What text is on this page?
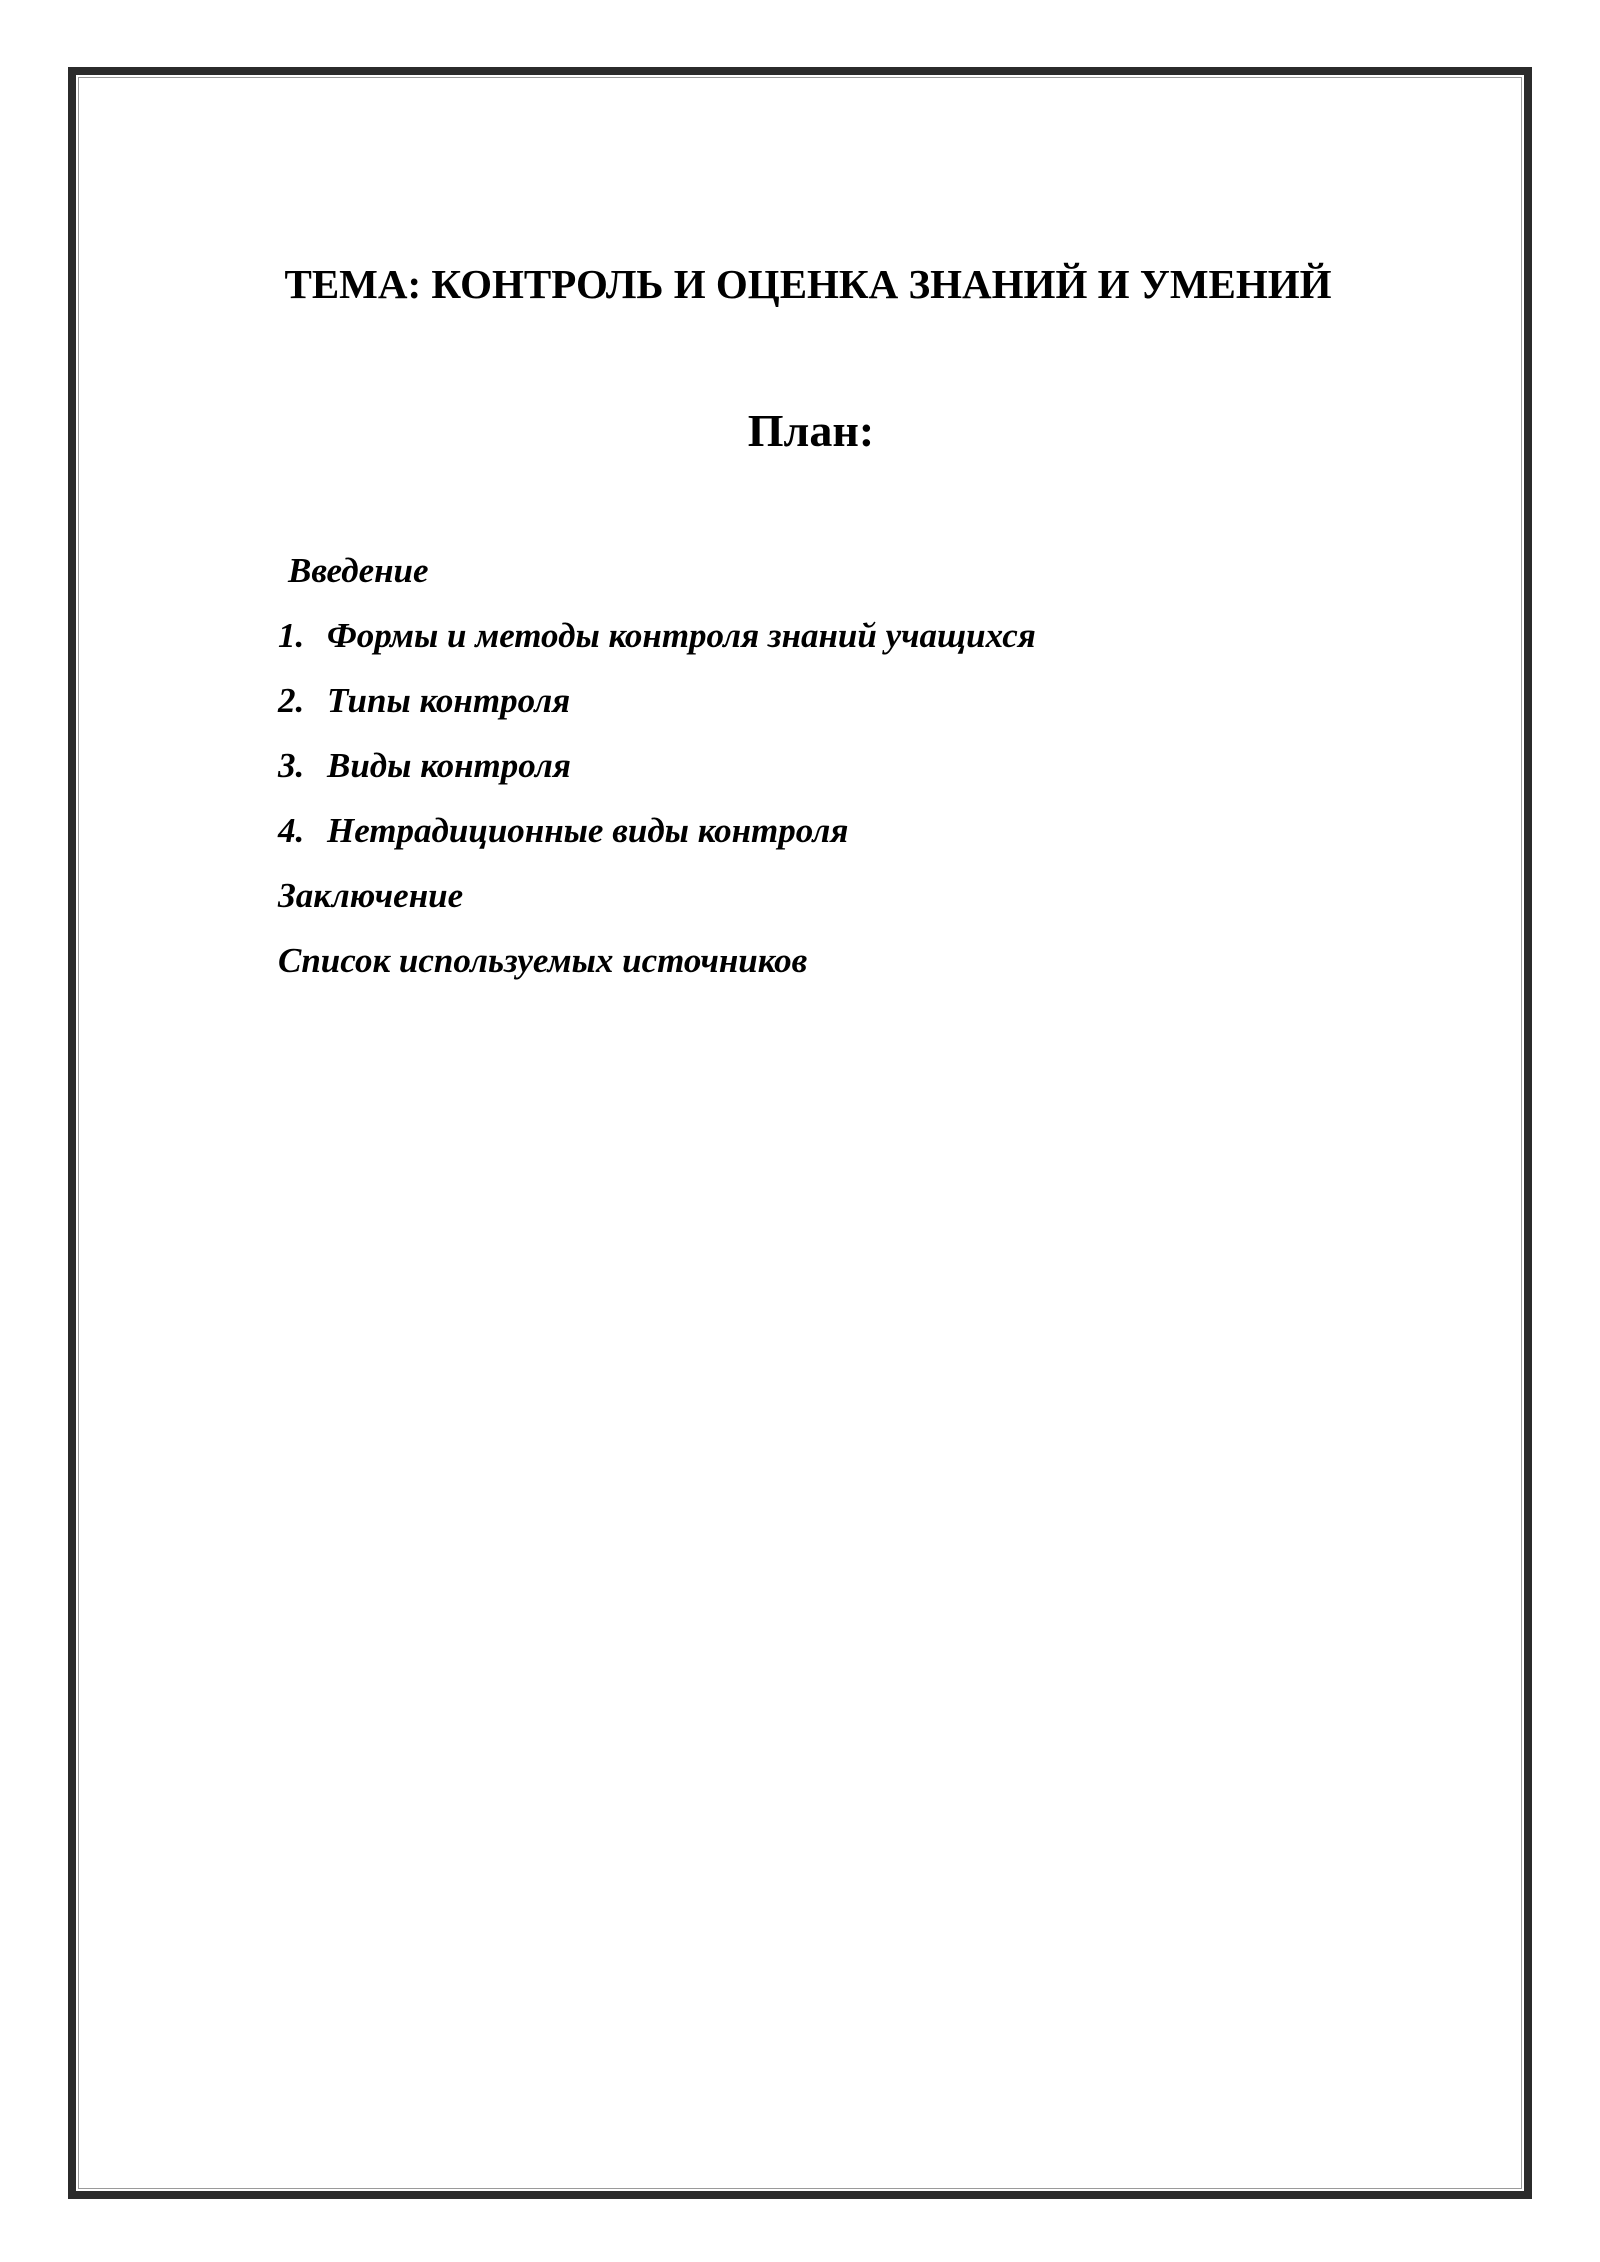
ТЕМА: КОНТРОЛЬ И ОЦЕНКА ЗНАНИЙ И УМЕНИЙ
План:
Введение
1. Формы и методы контроля знаний учащихся
2. Типы контроля
3. Виды контроля
4. Нетрадиционные виды контроля
Заключение
Список используемых источников
